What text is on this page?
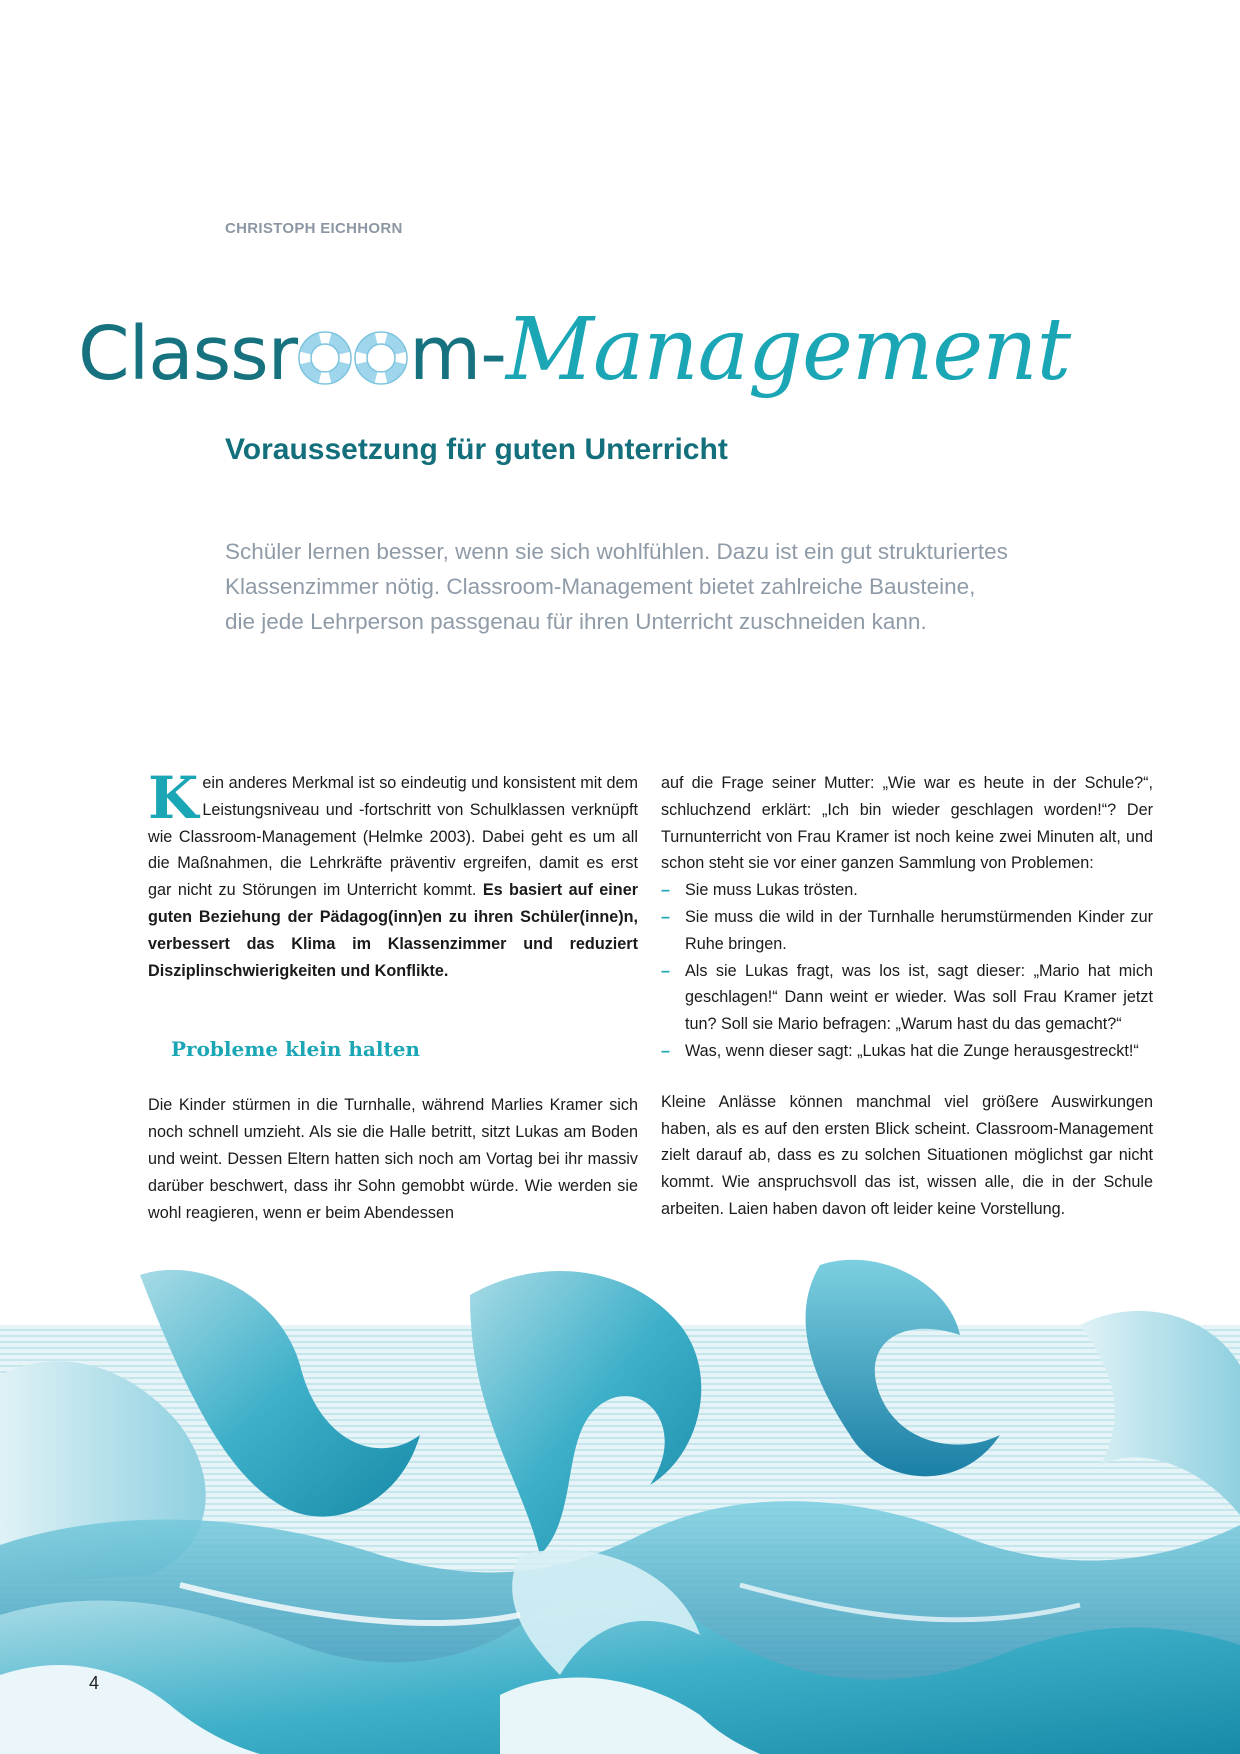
CHRISTOPH EICHHORN
Classr m- Management
Voraussetzung für guten Unterricht
Schüler lernen besser, wenn sie sich wohlfühlen. Dazu ist ein gut strukturiertes
Klassenzimmer nötig. Classroom-Management bietet zahlreiche Bausteine,
die jede Lehrperson passgenau für ihren Unterricht zuschneiden kann.

Kein anderes Merkmal ist so eindeutig und konsistent mit dem Leistungsniveau und -fortschritt von Schulklassen verknüpft wie Classroom-Management (Helmke 2003). Dabei geht es um all die Maßnahmen, die Lehrkräfte präventiv ergreifen, damit es erst gar nicht zu Störungen im Unterricht kommt. Es basiert auf einer guten Beziehung der Pädagog(inn)en zu ihren Schüler(inne)n, verbessert das Klima im Klassenzimmer und reduziert Disziplinschwierigkeiten und Konflikte.

Probleme klein halten

Die Kinder stürmen in die Turnhalle, während Marlies Kramer sich noch schnell umzieht. Als sie die Halle betritt, sitzt Lukas am Boden und weint. Dessen Eltern hatten sich noch am Vortag bei ihr massiv darüber beschwert, dass ihr Sohn gemobbt würde. Wie werden sie wohl reagieren, wenn er beim Abendessen

auf die Frage seiner Mutter: „Wie war es heute in der Schule?“, schluchzend erklärt: „Ich bin wieder geschlagen worden!“? Der Turnunterricht von Frau Kramer ist noch keine zwei Minuten alt, und schon steht sie vor einer ganzen Sammlung von Problemen:

– Sie muss Lukas trösten.
– Sie muss die wild in der Turnhalle herumstürmenden Kinder zur Ruhe bringen.
– Als sie Lukas fragt, was los ist, sagt dieser: „Mario hat mich geschlagen!“ Dann weint er wieder. Was soll Frau Kramer jetzt tun? Soll sie Mario befragen: „Warum hast du das gemacht?“
– Was, wenn dieser sagt: „Lukas hat die Zunge herausgestreckt!“

Kleine Anlässe können manchmal viel größere Auswirkungen haben, als es auf den ersten Blick scheint. Classroom-Management zielt darauf ab, dass es zu solchen Situationen möglichst gar nicht kommt. Wie anspruchsvoll das ist, wissen alle, die in der Schule arbeiten. Laien haben davon oft leider keine Vorstellung.

4
